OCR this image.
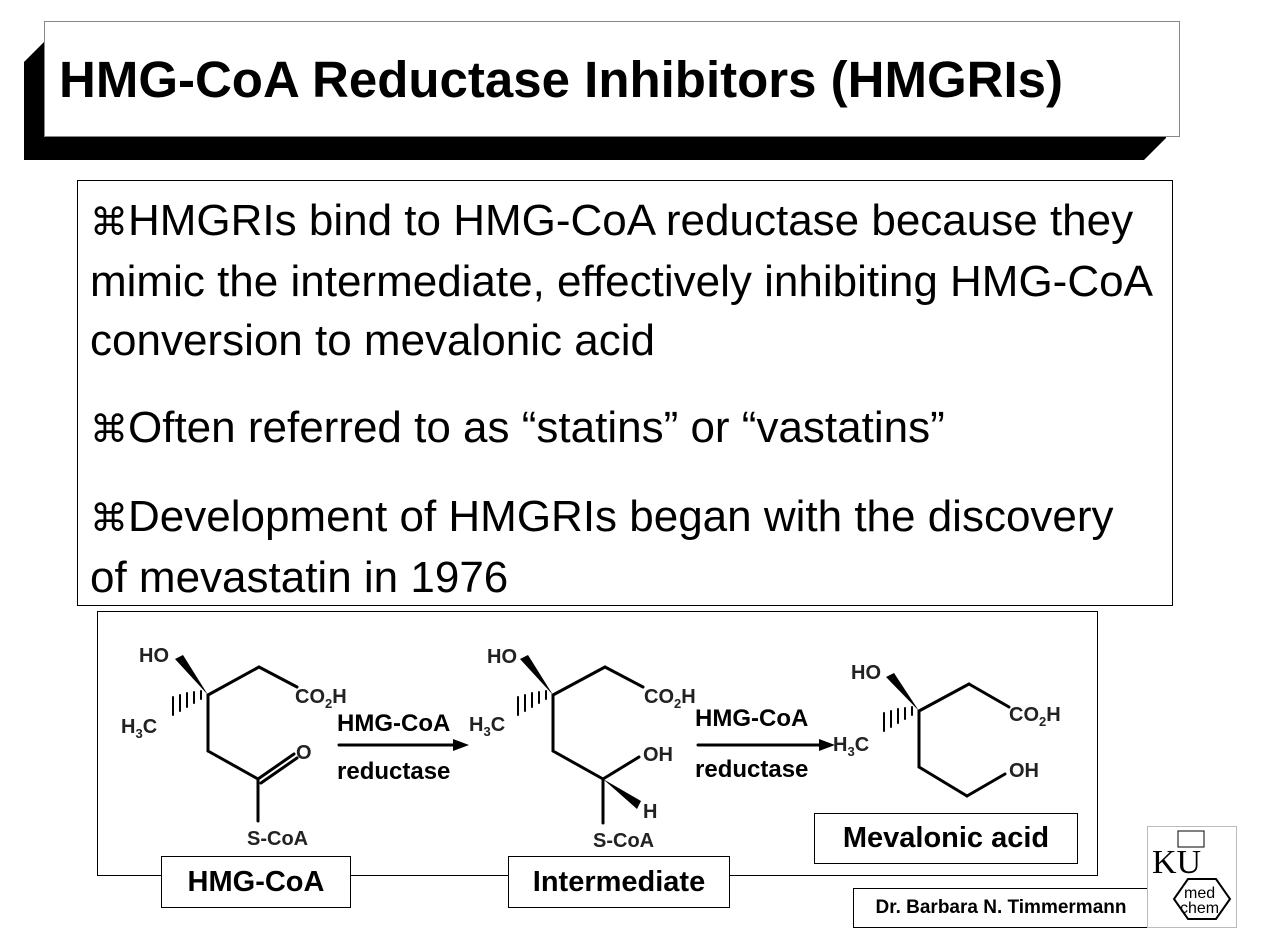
HMG-CoA Reductase Inhibitors (HMGRIs)

⌘HMGRIs bind to HMG-CoA reductase because they mimic the intermediate, effectively inhibiting HMG-CoA conversion to mevalonic acid

⌘Often referred to as “statins” or “vastatins”

⌘Development of HMGRIs began with the discovery of mevastatin in 1976

HO
$H_3C$
$CO_2H$
O
S-CoA
HMG-CoA
reductase
HO
$H_3C$
$CO_2H$
OH
H
S-CoA
HMG-CoA
reductase
HO
$H_3C$
$CO_2H$
OH
HMG-CoA	Intermediate
Mevalonic acid
Dr. Barbara N. Timmermann
KU
med
chem
